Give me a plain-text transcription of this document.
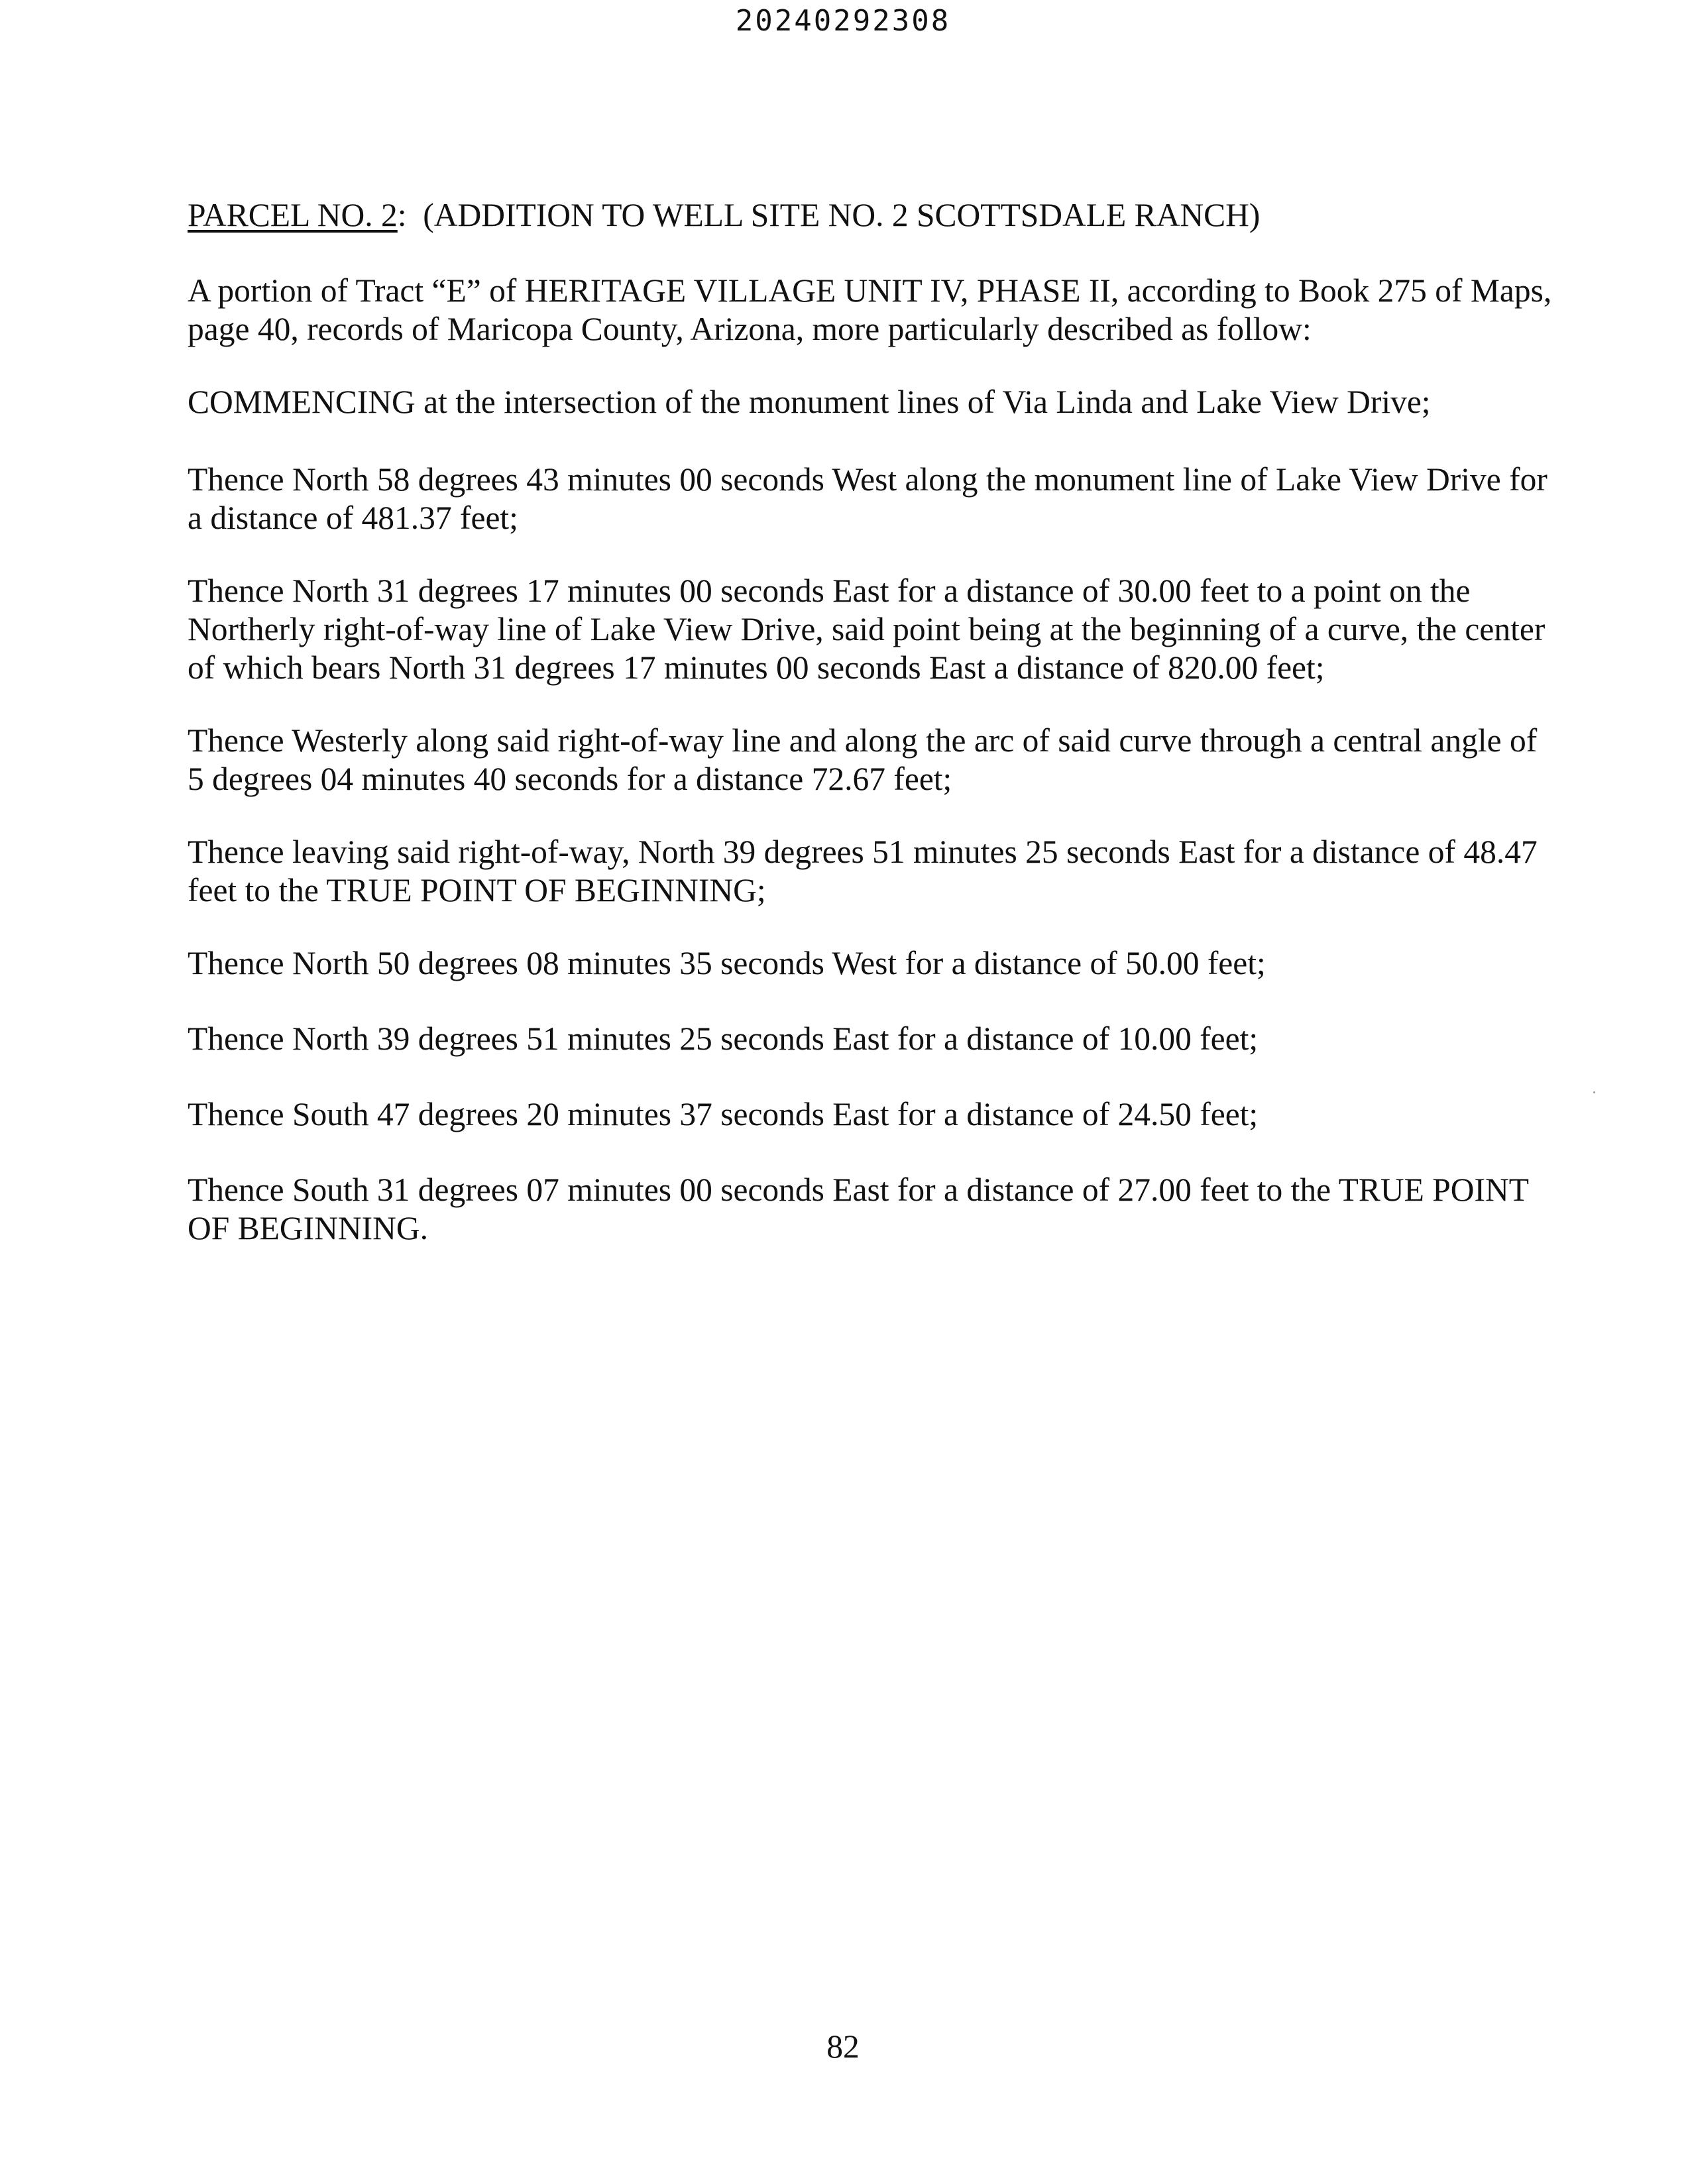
20240292308

PARCEL NO. 2: (ADDITION TO WELL SITE NO. 2 SCOTTSDALE RANCH)

A portion of Tract “E” of HERITAGE VILLAGE UNIT IV, PHASE II, according to Book 275 of Maps, page 40, records of Maricopa County, Arizona, more particularly described as follow:

COMMENCING at the intersection of the monument lines of Via Linda and Lake View Drive;

Thence North 58 degrees 43 minutes 00 seconds West along the monument line of Lake View Drive for a distance of 481.37 feet;

Thence North 31 degrees 17 minutes 00 seconds East for a distance of 30.00 feet to a point on the Northerly right-of-way line of Lake View Drive, said point being at the beginning of a curve, the center of which bears North 31 degrees 17 minutes 00 seconds East a distance of 820.00 feet;

Thence Westerly along said right-of-way line and along the arc of said curve through a central angle of 5 degrees 04 minutes 40 seconds for a distance 72.67 feet;

Thence leaving said right-of-way, North 39 degrees 51 minutes 25 seconds East for a distance of 48.47 feet to the TRUE POINT OF BEGINNING;

Thence North 50 degrees 08 minutes 35 seconds West for a distance of 50.00 feet;

Thence North 39 degrees 51 minutes 25 seconds East for a distance of 10.00 feet;

Thence South 47 degrees 20 minutes 37 seconds East for a distance of 24.50 feet;

Thence South 31 degrees 07 minutes 00 seconds East for a distance of 27.00 feet to the TRUE POINT OF BEGINNING.

82
